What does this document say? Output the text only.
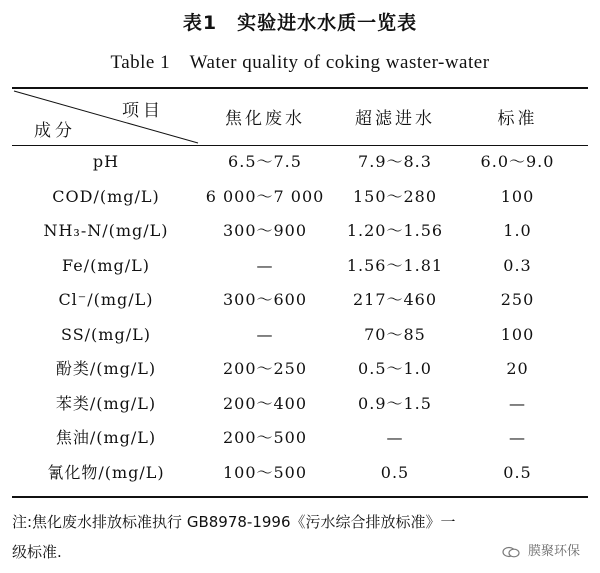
表1　实验进水水质一览表
Table 1　Water quality of coking waster-water
项目
成分
焦化废水	超滤进水	标准
pH	6.5～7.5	7.9～8.3	6.0～9.0
COD/(mg/L)	6 000～7 000	150～280	100
NH₃-N/(mg/L)	300～900	1.20～1.56	1.0
Fe/(mg/L)	—	1.56～1.81	0.3
Cl⁻/(mg/L)	300～600	217～460	250
SS/(mg/L)	—	70～85	100
酚类/(mg/L)	200～250	0.5～1.0	20
苯类/(mg/L)	200～400	0.9～1.5	—
焦油/(mg/L)	200～500	—	—
氰化物/(mg/L)	100～500	0.5	0.5
注:焦化废水排放标准执行 GB8978-1996《污水综合排放标准》一
级标准.	膜聚环保
